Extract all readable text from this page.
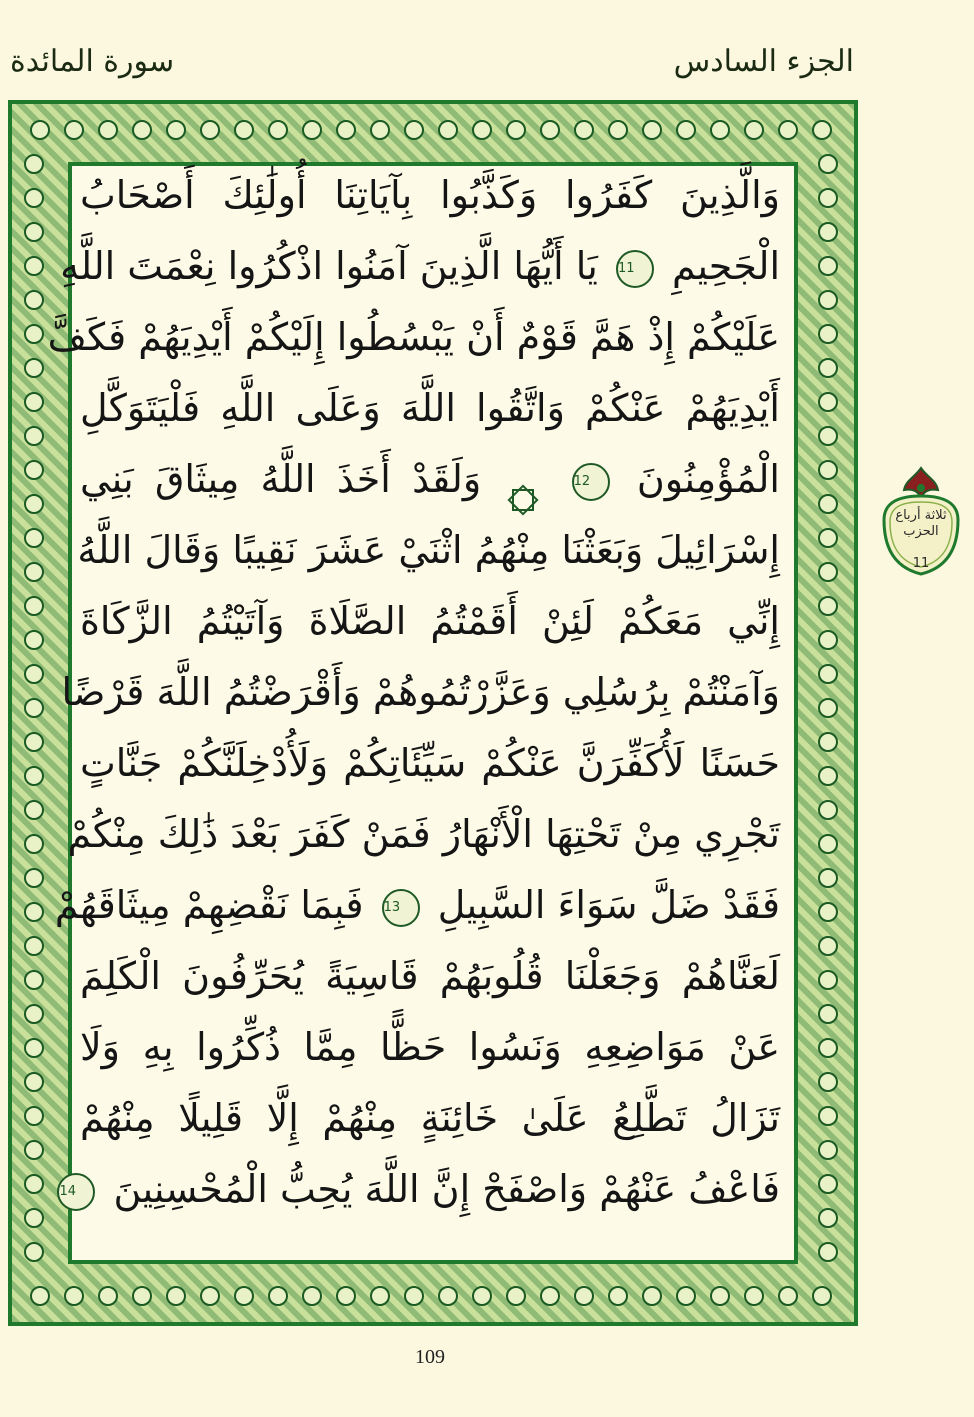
الجزء السادس
سورة المائدة
وَالَّذِينَ كَفَرُوا وَكَذَّبُوا بِآيَاتِنَا أُولَٰئِكَ أَصْحَابُ
الْجَحِيمِ 11 يَا أَيُّهَا الَّذِينَ آمَنُوا اذْكُرُوا نِعْمَتَ اللَّهِ
عَلَيْكُمْ إِذْ هَمَّ قَوْمٌ أَنْ يَبْسُطُوا إِلَيْكُمْ أَيْدِيَهُمْ فَكَفَّ
أَيْدِيَهُمْ عَنْكُمْ وَاتَّقُوا اللَّهَ وَعَلَى اللَّهِ فَلْيَتَوَكَّلِ
الْمُؤْمِنُونَ 12  وَلَقَدْ أَخَذَ اللَّهُ مِيثَاقَ بَنِي
إِسْرَائِيلَ وَبَعَثْنَا مِنْهُمُ اثْنَيْ عَشَرَ نَقِيبًا وَقَالَ اللَّهُ
إِنِّي مَعَكُمْ لَئِنْ أَقَمْتُمُ الصَّلَاةَ وَآتَيْتُمُ الزَّكَاةَ
وَآمَنْتُمْ بِرُسُلِي وَعَزَّرْتُمُوهُمْ وَأَقْرَضْتُمُ اللَّهَ قَرْضًا
حَسَنًا لَأُكَفِّرَنَّ عَنْكُمْ سَيِّئَاتِكُمْ وَلَأُدْخِلَنَّكُمْ جَنَّاتٍ
تَجْرِي مِنْ تَحْتِهَا الْأَنْهَارُ فَمَنْ كَفَرَ بَعْدَ ذَٰلِكَ مِنْكُمْ
فَقَدْ ضَلَّ سَوَاءَ السَّبِيلِ 13 فَبِمَا نَقْضِهِمْ مِيثَاقَهُمْ
لَعَنَّاهُمْ وَجَعَلْنَا قُلُوبَهُمْ قَاسِيَةً يُحَرِّفُونَ الْكَلِمَ
عَنْ مَوَاضِعِهِ وَنَسُوا حَظًّا مِمَّا ذُكِّرُوا بِهِ وَلَا
تَزَالُ تَطَّلِعُ عَلَىٰ خَائِنَةٍ مِنْهُمْ إِلَّا قَلِيلًا مِنْهُمْ
فَاعْفُ عَنْهُمْ وَاصْفَحْ إِنَّ اللَّهَ يُحِبُّ الْمُحْسِنِينَ 14
ثلاثة أرباع الحزب
11
109
